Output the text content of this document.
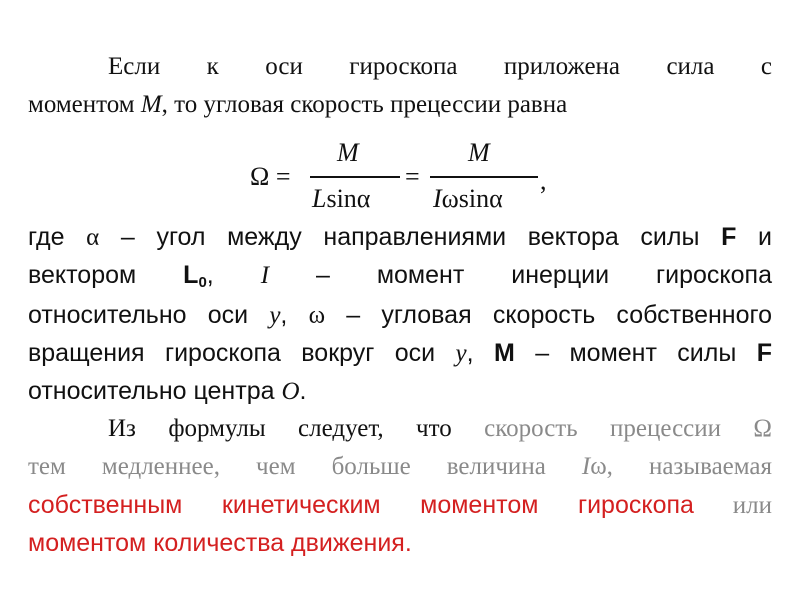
Если к оси гироскопа приложена сила с
моментом M, то угловая скорость прецессии равна
Ω =
M
Lsinα
=
M
Iωsinα
,
где α – угол между направлениями вектора силы F и
вектором $L_0$, I – момент инерции гироскопа
относительно оси y, ω – угловая скорость собственного
вращения гироскопа вокруг оси y, M – момент силы F
относительно центра O.
Из формулы следует, что скорость прецессии Ω
тем медленнее, чем больше величина Iω, называемая
собственным кинетическим моментом гироскопа или
моментом количества движения.
